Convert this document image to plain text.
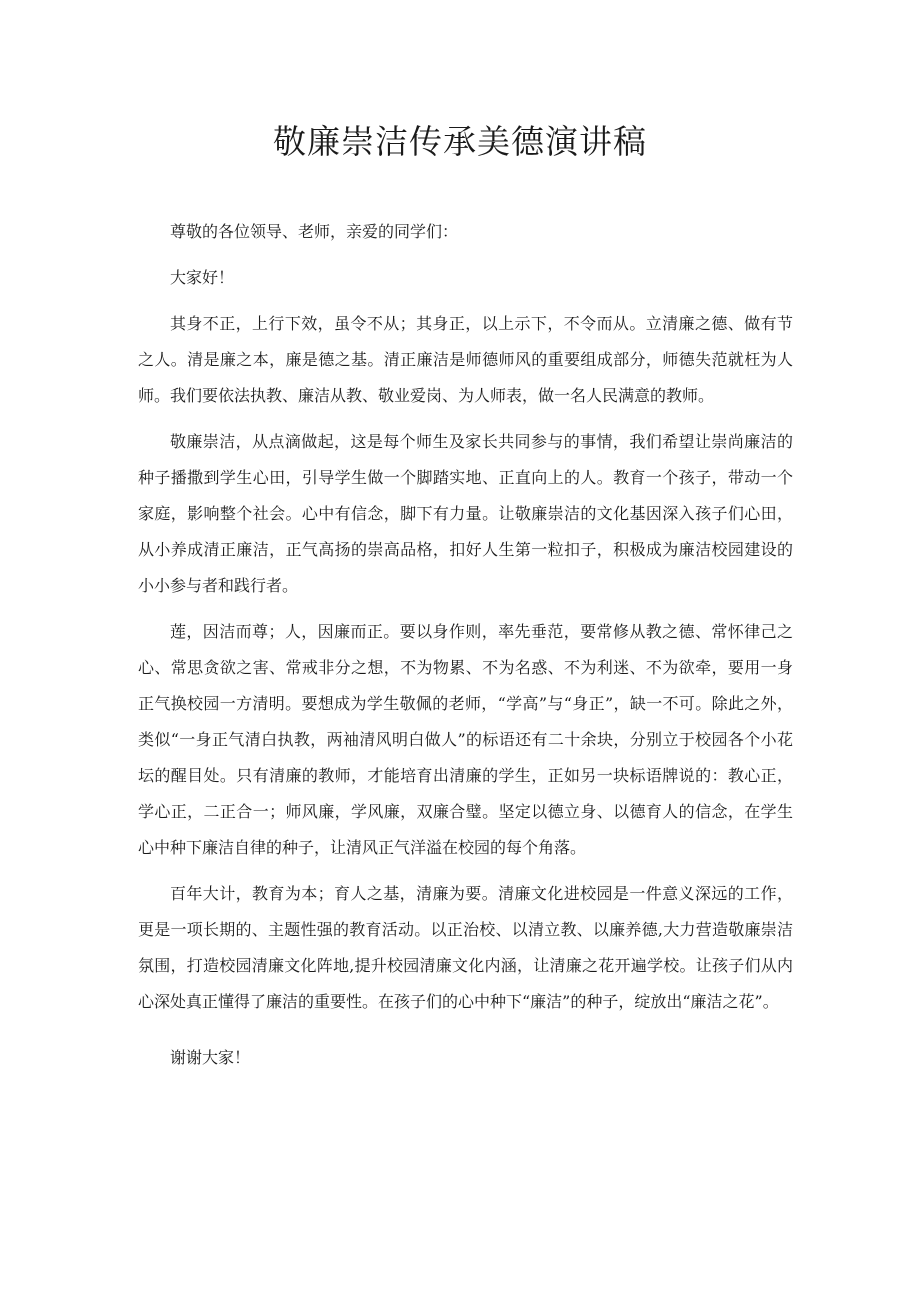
敬廉崇洁传承美德演讲稿

尊敬的各位领导、老师，亲爱的同学们：

大家好！

其身不正，上行下效，虽令不从；其身正，以上示下，不令而从。立清廉之德、做有节之人。清是廉之本，廉是德之基。清正廉洁是师德师风的重要组成部分，师德失范就枉为人师。我们要依法执教、廉洁从教、敬业爱岗、为人师表，做一名人民满意的教师。

敬廉崇洁，从点滴做起，这是每个师生及家长共同参与的事情，我们希望让崇尚廉洁的种子播撒到学生心田，引导学生做一个脚踏实地、正直向上的人。教育一个孩子，带动一个家庭，影响整个社会。心中有信念，脚下有力量。让敬廉崇洁的文化基因深入孩子们心田，从小养成清正廉洁，正气高扬的崇高品格，扣好人生第一粒扣子，积极成为廉洁校园建设的小小参与者和践行者。

莲，因洁而尊；人，因廉而正。要以身作则，率先垂范，要常修从教之德、常怀律己之心、常思贪欲之害、常戒非分之想，不为物累、不为名惑、不为利迷、不为欲牵，要用一身正气换校园一方清明。要想成为学生敬佩的老师，“学高”与“身正”，缺一不可。除此之外，类似“一身正气清白执教，两袖清风明白做人”的标语还有二十余块，分别立于校园各个小花坛的醒目处。只有清廉的教师，才能培育出清廉的学生，正如另一块标语牌说的：教心正，学心正，二正合一；师风廉，学风廉，双廉合璧。坚定以德立身、以德育人的信念，在学生心中种下廉洁自律的种子，让清风正气洋溢在校园的每个角落。

百年大计，教育为本；育人之基，清廉为要。清廉文化进校园是一件意义深远的工作，更是一项长期的、主题性强的教育活动。以正治校、以清立教、以廉养德,大力营造敬廉崇洁氛围，打造校园清廉文化阵地,提升校园清廉文化内涵，让清廉之花开遍学校。让孩子们从内心深处真正懂得了廉洁的重要性。在孩子们的心中种下“廉洁”的种子，绽放出“廉洁之花”。

谢谢大家！
